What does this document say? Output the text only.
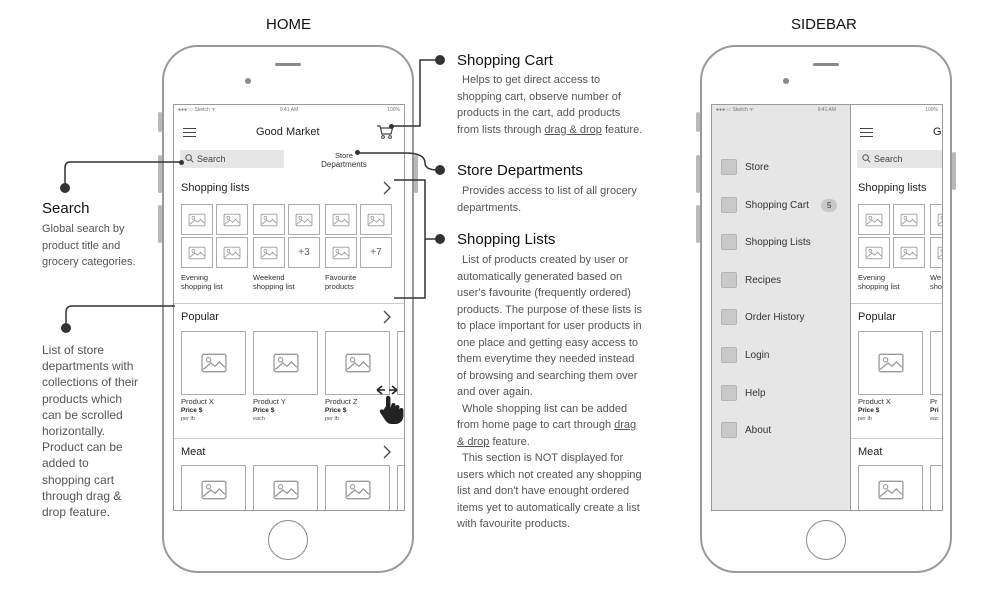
HOME	SIDEBAR
●●●○○ Sketch ᯤ	9:41 AM	100%
Good Market
Search	Store
Departments
Shopping lists
+3	+7
Evening
shopping list
Weekend
shopping list
Favourite
products
Popular
Product X
Price $
per lb
Product Y
Price $
each
Product Z
Price $
per lb
Meat
●●●○○ Sketch ᯤ	9:41 AM
Store
Shopping Cart	5
Shopping Lists
Recipes
Order History
Login
Help
About
100%
G
Search
Shopping lists
Evening
shopping list
We
sho
Popular
Product X
Price $
per lb
Pr
Pri
eac
Meat
Shopping Cart
Helps to get direct access to
shopping cart, observe number of
products in the cart, add products
from lists through drag & drop feature.
Store Departments
Provides access to list of all grocery
departments.
Shopping Lists
List of products created by user or
automatically generated based on
user's favourite (frequently ordered)
products. The purpose of these lists is
to place important for user products in
one place and getting easy access to
them everytime they needed instead
of browsing and searching them over
and over again.
Whole shopping list can be added
from home page to cart through drag
& drop feature.
This section is NOT displayed for
users which not created any shopping
list and don't have enought ordered
items yet to automatically create a list
with favourite products.
Search
Global search by
product title and
grocery categories.
List of store
departments with
collections of their
products which
can be scrolled
horizontally.
Product can be
added to
shopping cart
through drag &
drop feature.
